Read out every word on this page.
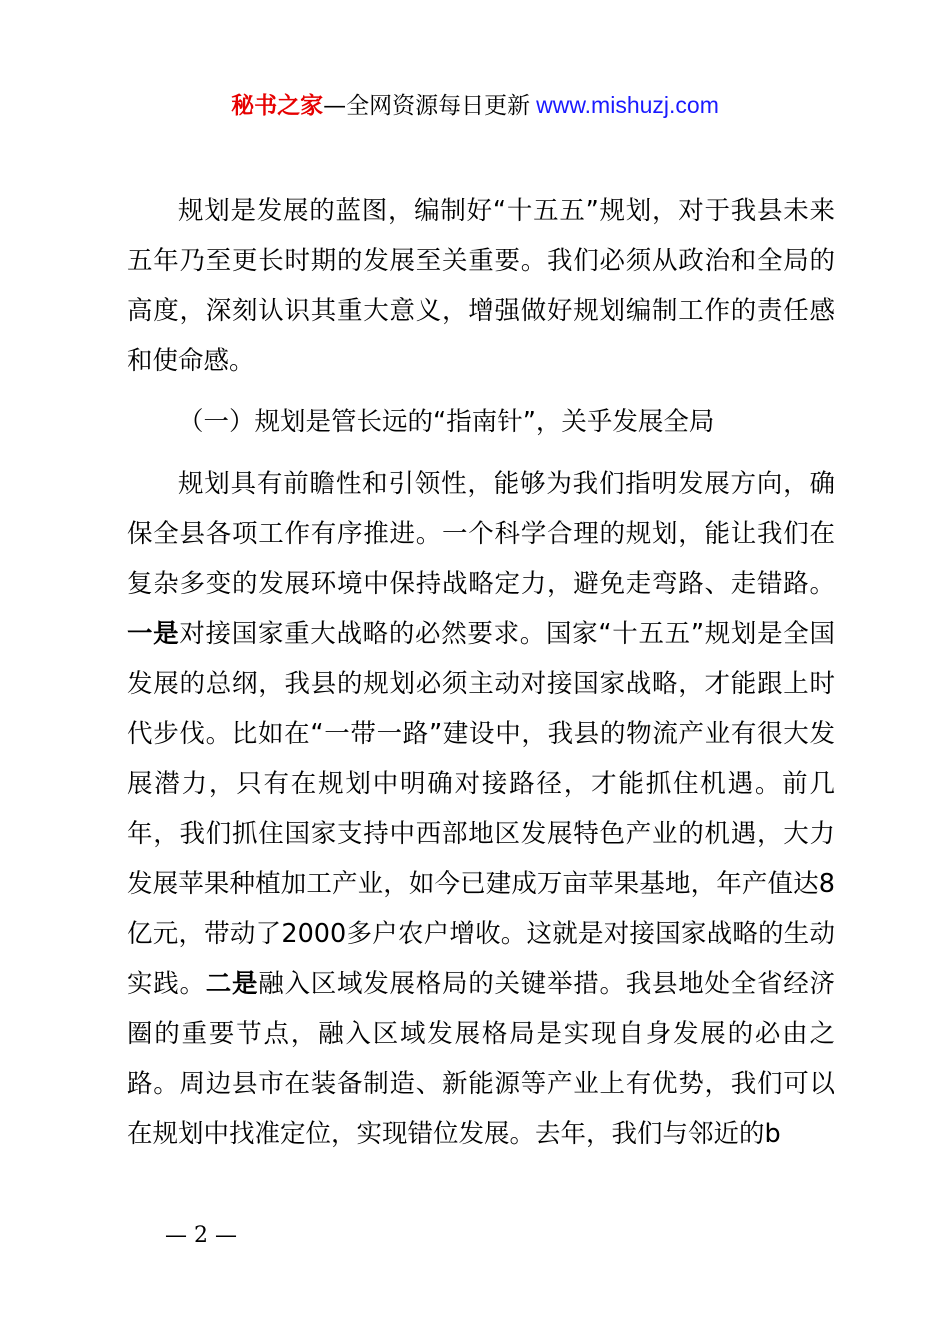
秘书之家—全网资源每日更新 www.mishuzj.com

规划是发展的蓝图，编制好“十五五”规划，对于我县未来五年乃至更长时期的发展至关重要。我们必须从政治和全局的高度，深刻认识其重大意义，增强做好规划编制工作的责任感和使命感。

（一）规划是管长远的“指南针”，关乎发展全局

规划具有前瞻性和引领性，能够为我们指明发展方向，确保全县各项工作有序推进。一个科学合理的规划，能让我们在复杂多变的发展环境中保持战略定力，避免走弯路、走错路。一是对接国家重大战略的必然要求。国家“十五五”规划是全国发展的总纲，我县的规划必须主动对接国家战略，才能跟上时代步伐。比如在“一带一路”建设中，我县的物流产业有很大发展潜力，只有在规划中明确对接路径，才能抓住机遇。前几年，我们抓住国家支持中西部地区发展特色产业的机遇，大力发展苹果种植加工产业，如今已建成万亩苹果基地，年产值达8亿元，带动了2000多户农户增收。这就是对接国家战略的生动实践。二是融入区域发展格局的关键举措。我县地处全省经济圈的重要节点，融入区域发展格局是实现自身发展的必由之路。周边县市在装备制造、新能源等产业上有优势，我们可以在规划中找准定位，实现错位发展。去年，我们与邻近的b

— 2 —
